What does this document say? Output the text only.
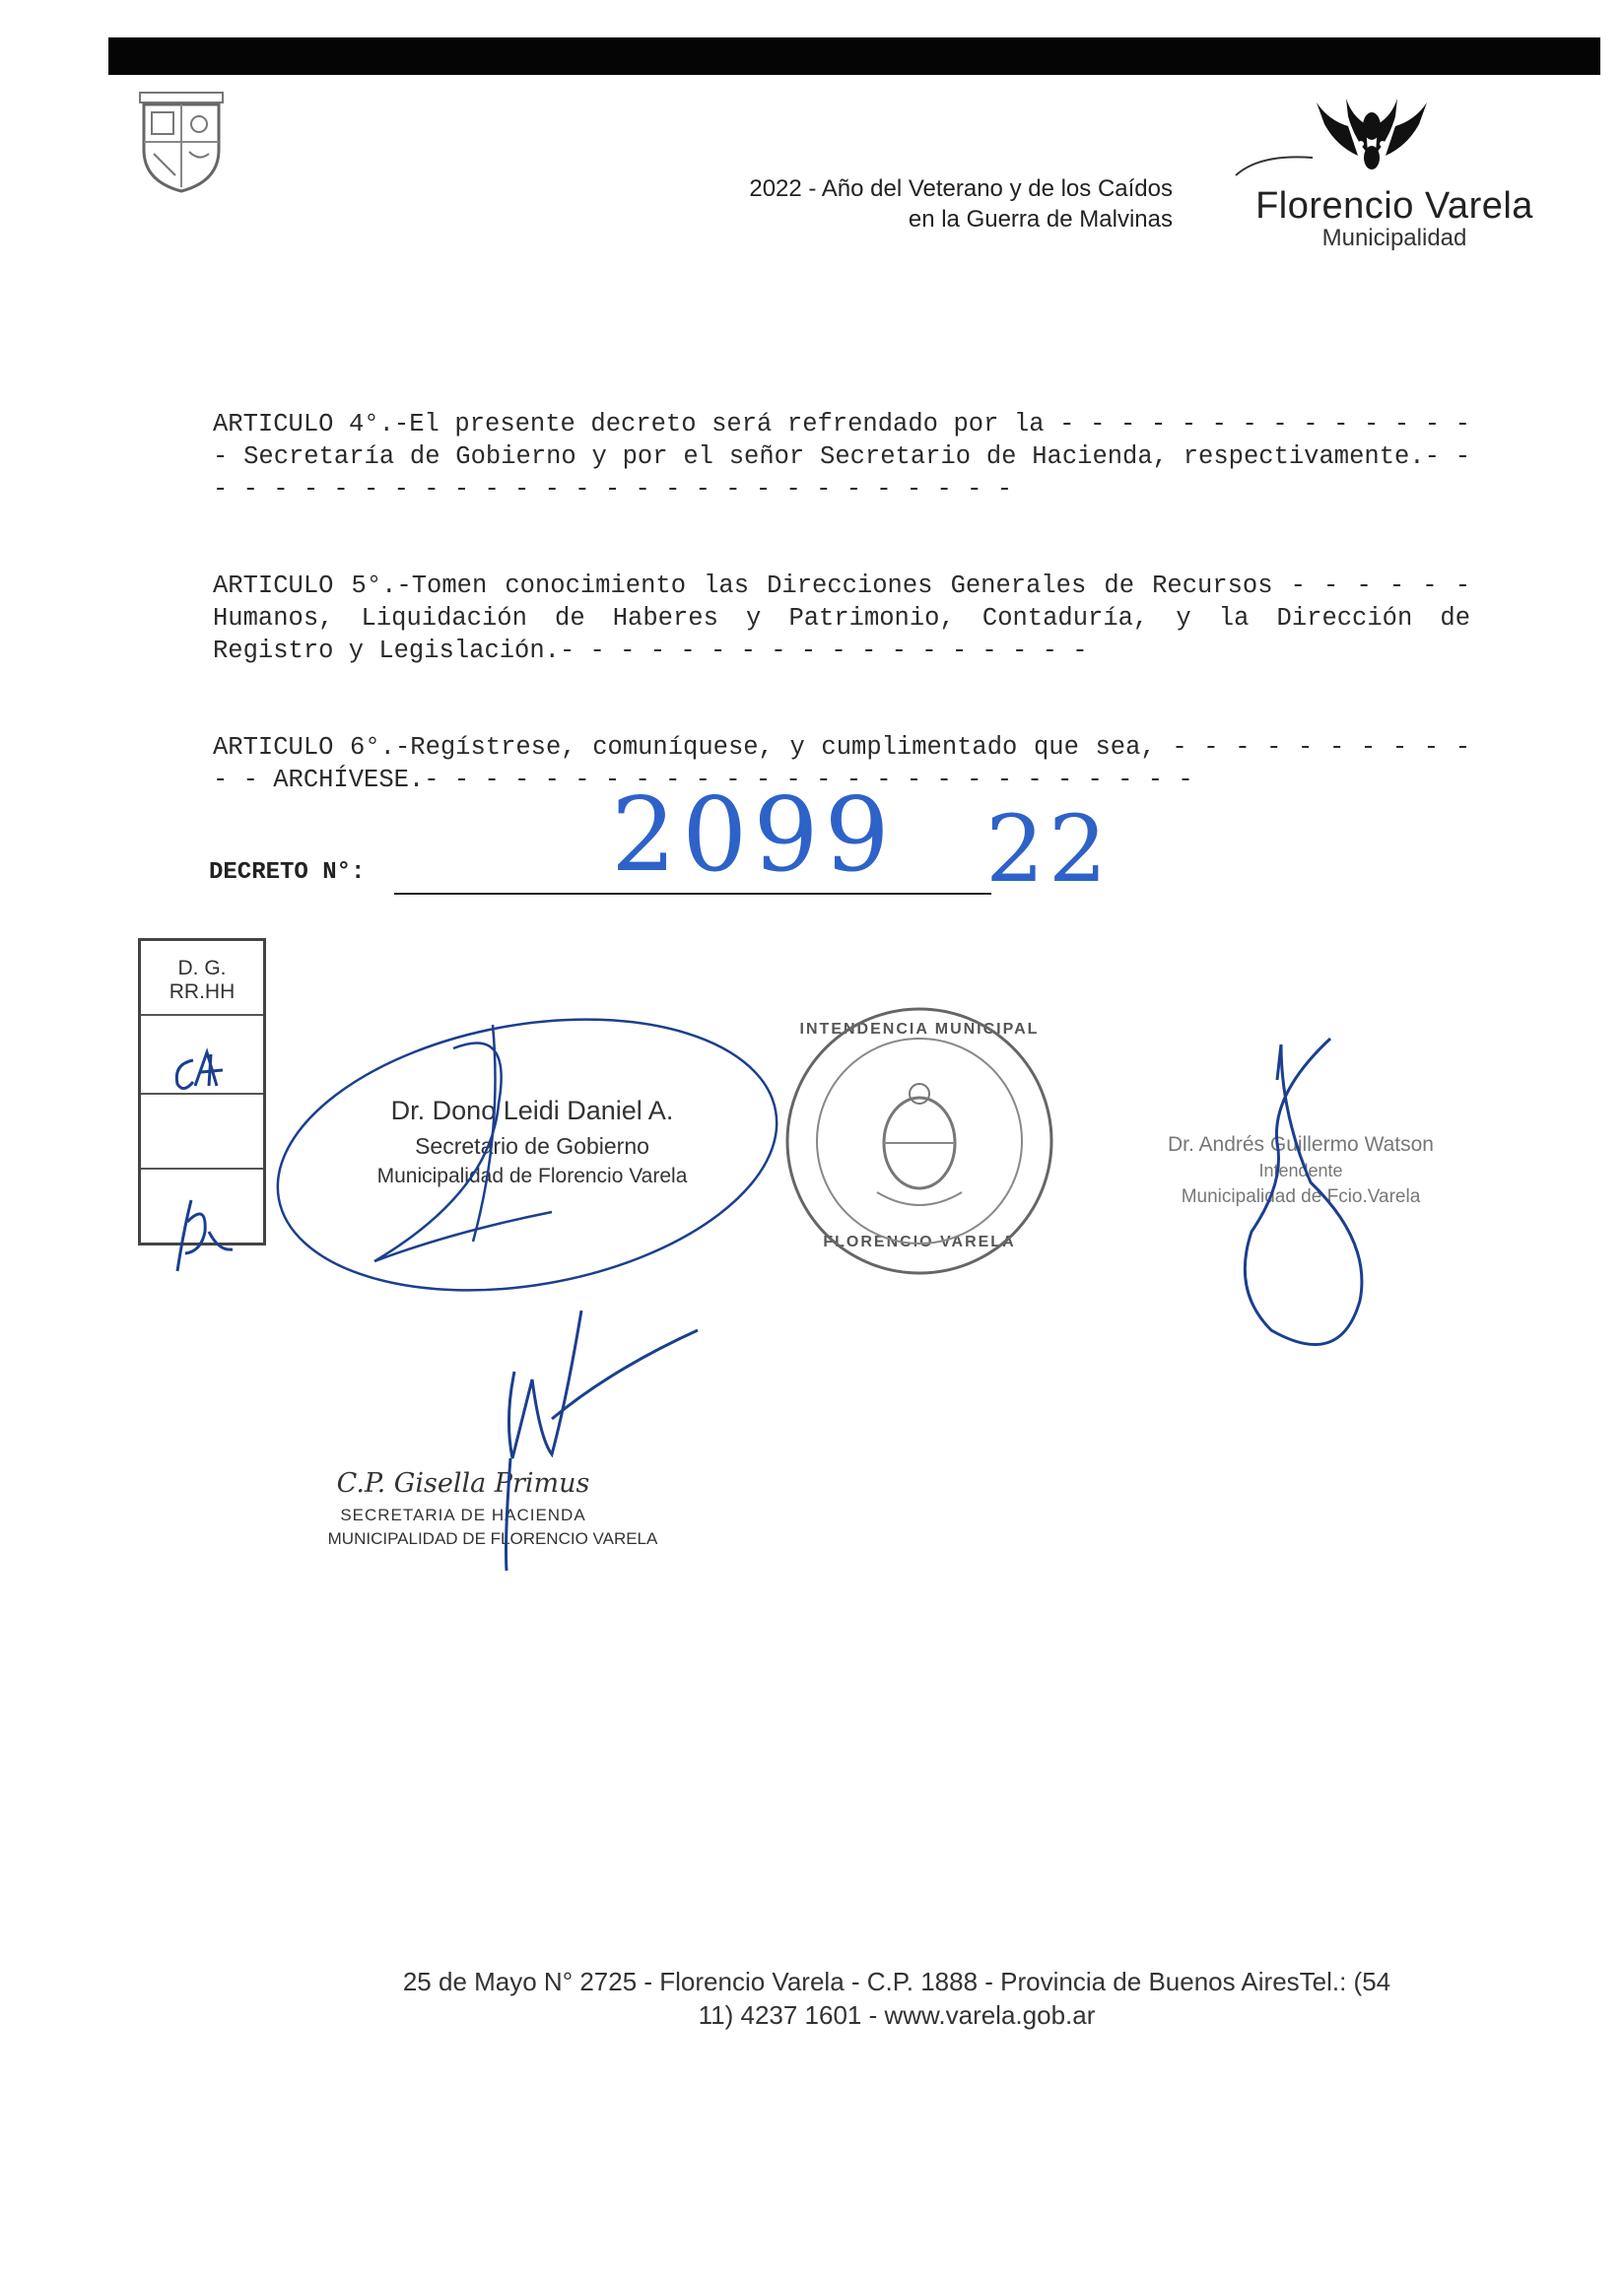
2022 - Año del Veterano y de los Caídos
en la Guerra de Malvinas	Florencio Varela
Municipalidad

ARTICULO 4°.-El presente decreto será refrendado por la - - - - - - - - - - - - - - - Secretaría de Gobierno y por el señor Secretario de Hacienda, respectivamente.- - - - - - - - - - - - - - - - - - - - - - - - - - - - -

ARTICULO 5°.-Tomen conocimiento las Direcciones Generales de Recursos - - - - - - Humanos, Liquidación de Haberes y Patrimonio, Contaduría, y la Dirección de Registro y Legislación.- - - - - - - - - - - - - - - - - -

ARTICULO 6°.-Regístrese, comuníquese, y cumplimentado que sea, - - - - - - - - - - - - ARCHÍVESE.- - - - - - - - - - - - - - - - - - - - - - - - - -

DECRETO N°: 2099 22
D. G.
RR.HH
Dr. Dono Leidi Daniel A.
Secretario de Gobierno
Municipalidad de Florencio Varela
Dr. Andrés Guillermo Watson
Intendente
Municipalidad de Fcio.Varela
INTENDENCIA MUNICIPAL
FLORENCIO VARELA
C.P. Gisella Primus
SECRETARIA DE HACIENDA
MUNICIPALIDAD DE FLORENCIO VARELA
25 de Mayo N° 2725 - Florencio Varela - C.P. 1888 - Provincia de Buenos AiresTel.: (54
11) 4237 1601 - www.varela.gob.ar
